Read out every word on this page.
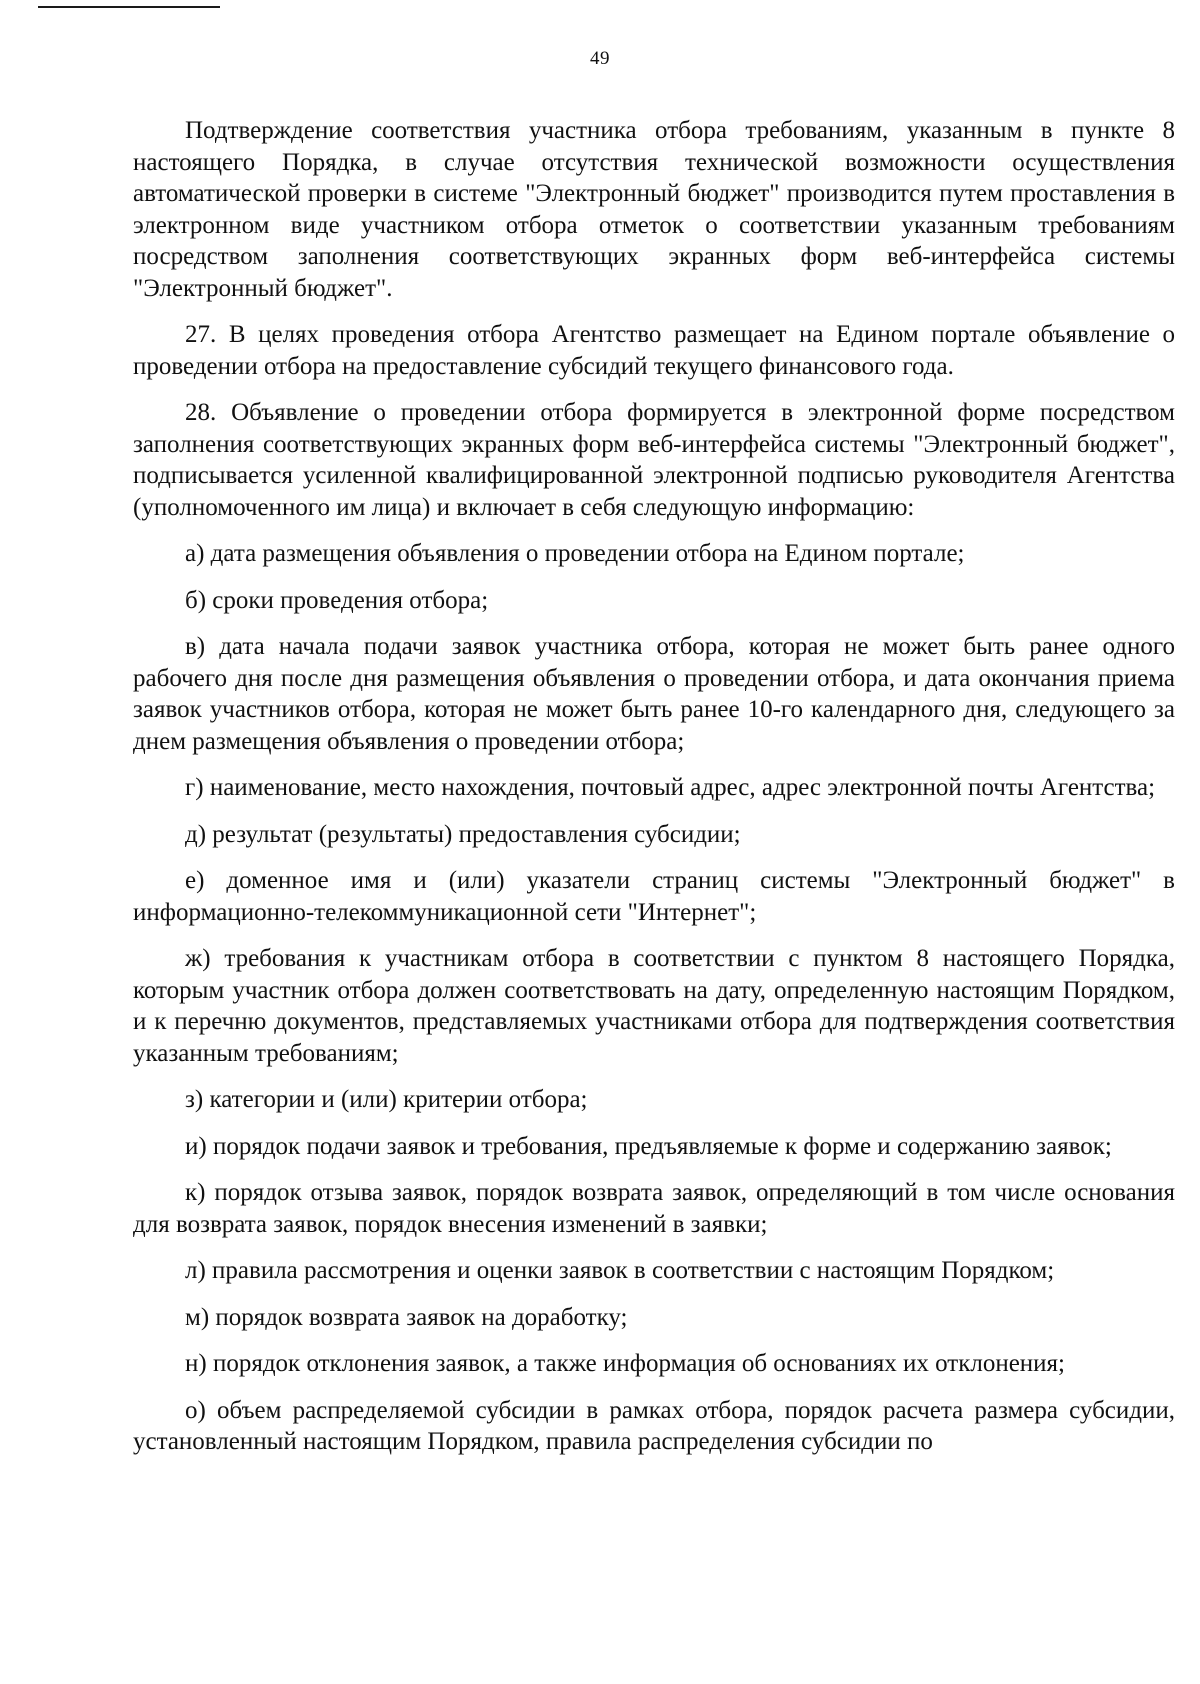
49

Подтверждение соответствия участника отбора требованиям, указанным в пункте 8 настоящего Порядка, в случае отсутствия технической возможности осуществления автоматической проверки в системе "Электронный бюджет" производится путем проставления в электронном виде участником отбора отметок о соответствии указанным требованиям посредством заполнения соответствующих экранных форм веб-интерфейса системы "Электронный бюджет".

27. В целях проведения отбора Агентство размещает на Едином портале объявление о проведении отбора на предоставление субсидий текущего финансового года.

28. Объявление о проведении отбора формируется в электронной форме посредством заполнения соответствующих экранных форм веб-интерфейса системы "Электронный бюджет", подписывается усиленной квалифицированной электронной подписью руководителя Агентства (уполномоченного им лица) и включает в себя следующую информацию:

а) дата размещения объявления о проведении отбора на Едином портале;

б) сроки проведения отбора;

в) дата начала подачи заявок участника отбора, которая не может быть ранее одного рабочего дня после дня размещения объявления о проведении отбора, и дата окончания приема заявок участников отбора, которая не может быть ранее 10-го календарного дня, следующего за днем размещения объявления о проведении отбора;

г) наименование, место нахождения, почтовый адрес, адрес электронной почты Агентства;

д) результат (результаты) предоставления субсидии;

е) доменное имя и (или) указатели страниц системы "Электронный бюджет" в информационно-телекоммуникационной сети "Интернет";

ж) требования к участникам отбора в соответствии с пунктом 8 настоящего Порядка, которым участник отбора должен соответствовать на дату, определенную настоящим Порядком, и к перечню документов, представляемых участниками отбора для подтверждения соответствия указанным требованиям;

з) категории и (или) критерии отбора;

и) порядок подачи заявок и требования, предъявляемые к форме и содержанию заявок;

к) порядок отзыва заявок, порядок возврата заявок, определяющий в том числе основания для возврата заявок, порядок внесения изменений в заявки;

л) правила рассмотрения и оценки заявок в соответствии с настоящим Порядком;

м) порядок возврата заявок на доработку;

н) порядок отклонения заявок, а также информация об основаниях их отклонения;

о) объем распределяемой субсидии в рамках отбора, порядок расчета размера субсидии, установленный настоящим Порядком, правила распределения субсидии по
